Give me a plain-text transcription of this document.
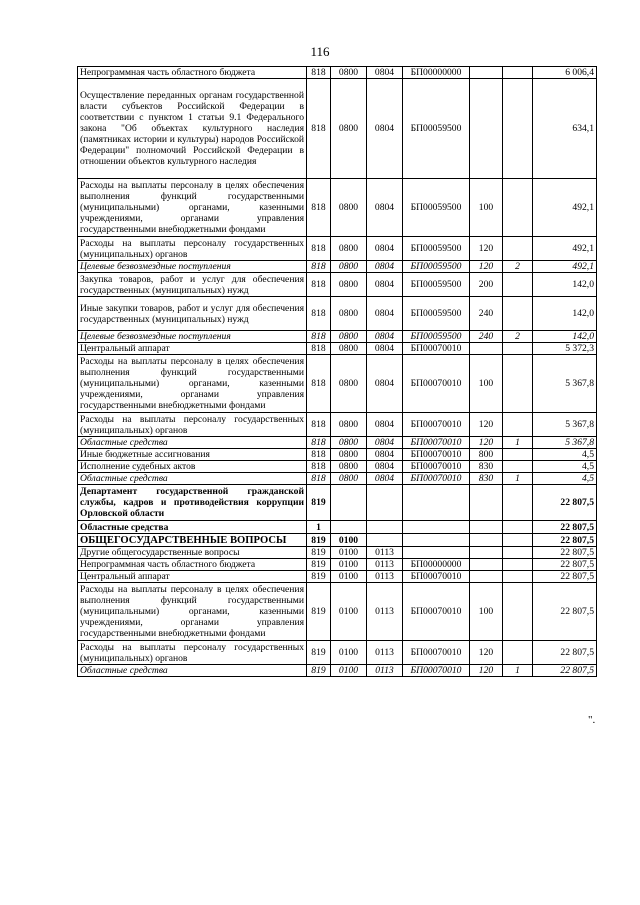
116
Непрограммная часть областного бюджета	818	0800	0804	БП00000000			6 006,4
Осуществление переданных органам государственной власти субъектов Российской Федерации в соответствии с пунктом 1 статьи 9.1 Федерального закона "Об объектах культурного наследия (памятниках истории и культуры) народов Российской Федерации" полномочий Российской Федерации в отношении объектов культурного наследия	818	0800	0804	БП00059500			634,1
Расходы на выплаты персоналу в целях обеспечения выполнения функций государственными (муниципальными) органами, казенными учреждениями, органами управления государственными внебюджетными фондами	818	0800	0804	БП00059500	100		492,1
Расходы на выплаты персоналу государственных (муниципальных) органов	818	0800	0804	БП00059500	120		492,1
Целевые безвозмездные поступления	818	0800	0804	БП00059500	120	2	492,1
Закупка товаров, работ и услуг для обеспечения государственных (муниципальных) нужд	818	0800	0804	БП00059500	200		142,0
Иные закупки товаров, работ и услуг для обеспечения государственных (муниципальных) нужд	818	0800	0804	БП00059500	240		142,0
Целевые безвозмездные поступления	818	0800	0804	БП00059500	240	2	142,0
Центральный аппарат	818	0800	0804	БП00070010			5 372,3
Расходы на выплаты персоналу в целях обеспечения выполнения функций государственными (муниципальными) органами, казенными учреждениями, органами управления государственными внебюджетными фондами	818	0800	0804	БП00070010	100		5 367,8
Расходы на выплаты персоналу государственных (муниципальных) органов	818	0800	0804	БП00070010	120		5 367,8
Областные средства	818	0800	0804	БП00070010	120	1	5 367,8
Иные бюджетные ассигнования	818	0800	0804	БП00070010	800		4,5
Исполнение судебных актов	818	0800	0804	БП00070010	830		4,5
Областные средства	818	0800	0804	БП00070010	830	1	4,5
Департамент государственной гражданской службы, кадров и противодействия коррупции Орловской области	819						22 807,5
Областные средства	1						22 807,5
ОБЩЕГОСУДАРСТВЕННЫЕ ВОПРОСЫ	819	0100					22 807,5
Другие общегосударственные вопросы	819	0100	0113				22 807,5
Непрограммная часть областного бюджета	819	0100	0113	БП00000000			22 807,5
Центральный аппарат	819	0100	0113	БП00070010			22 807,5
Расходы на выплаты персоналу в целях обеспечения выполнения функций государственными (муниципальными) органами, казенными учреждениями, органами управления государственными внебюджетными фондами	819	0100	0113	БП00070010	100		22 807,5
Расходы на выплаты персоналу государственных (муниципальных) органов	819	0100	0113	БП00070010	120		22 807,5
Областные средства	819	0100	0113	БП00070010	120	1	22 807,5
".
